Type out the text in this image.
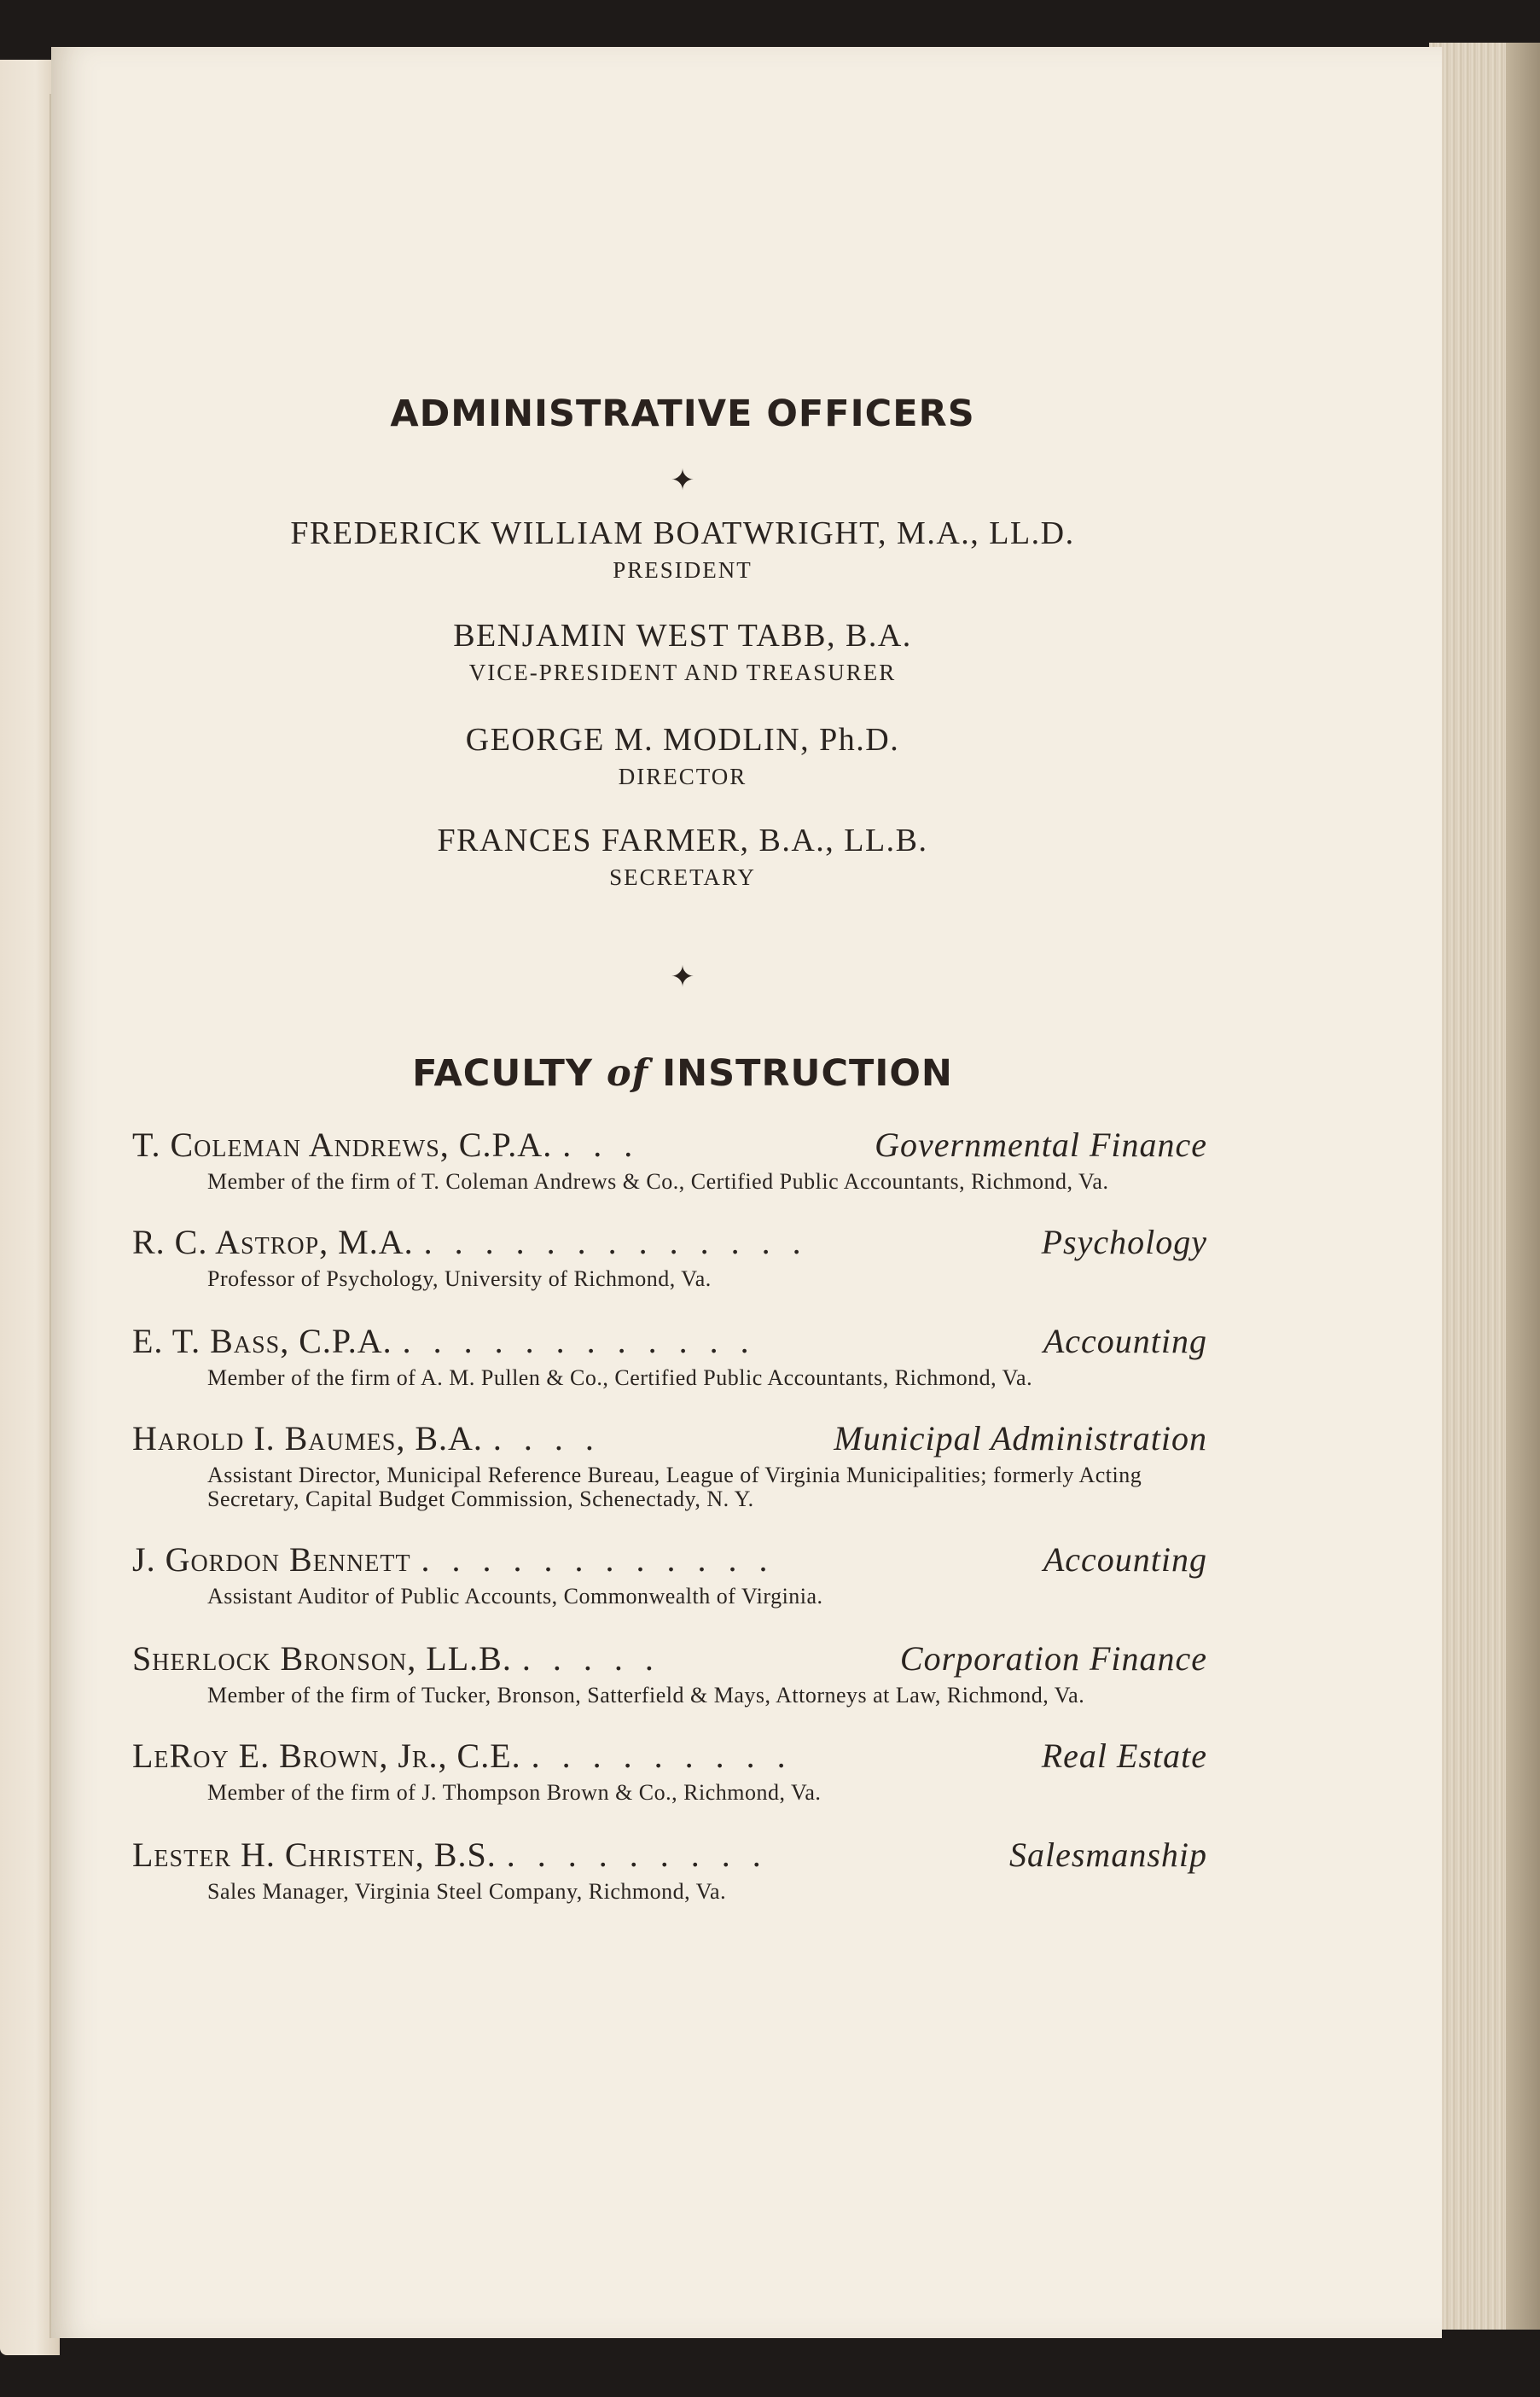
ADMINISTRATIVE OFFICERS
✦
FREDERICK WILLIAM BOATWRIGHT, M.A., LL.D.
PRESIDENT
BENJAMIN WEST TABB, B.A.
VICE-PRESIDENT AND TREASURER
GEORGE M. MODLIN, Ph.D.
DIRECTOR
FRANCES FARMER, B.A., LL.B.
SECRETARY
✦
FACULTY of INSTRUCTION
T. Coleman Andrews, C.P.A. . . .	Governmental Finance
Member of the firm of T. Coleman Andrews & Co., Certified Public Accountants, Richmond, Va.
R. C. Astrop, M.A. . . . . . . . . . . . . .	Psychology
Professor of Psychology, University of Richmond, Va.
E. T. Bass, C.P.A. . . . . . . . . . . . .	Accounting
Member of the firm of A. M. Pullen & Co., Certified Public Accountants, Richmond, Va.
Harold I. Baumes, B.A. . . . .	Municipal Administration
Assistant Director, Municipal Reference Bureau, League of Virginia Municipalities; formerly Acting Secretary, Capital Budget Commission, Schenectady, N. Y.
J. Gordon Bennett . . . . . . . . . . . .	Accounting
Assistant Auditor of Public Accounts, Commonwealth of Virginia.
Sherlock Bronson, LL.B. . . . . .	Corporation Finance
Member of the firm of Tucker, Bronson, Satterfield & Mays, Attorneys at Law, Richmond, Va.
LeRoy E. Brown, Jr., C.E. . . . . . . . . .	Real Estate
Member of the firm of J. Thompson Brown & Co., Richmond, Va.
Lester H. Christen, B.S. . . . . . . . . .	Salesmanship
Sales Manager, Virginia Steel Company, Richmond, Va.
